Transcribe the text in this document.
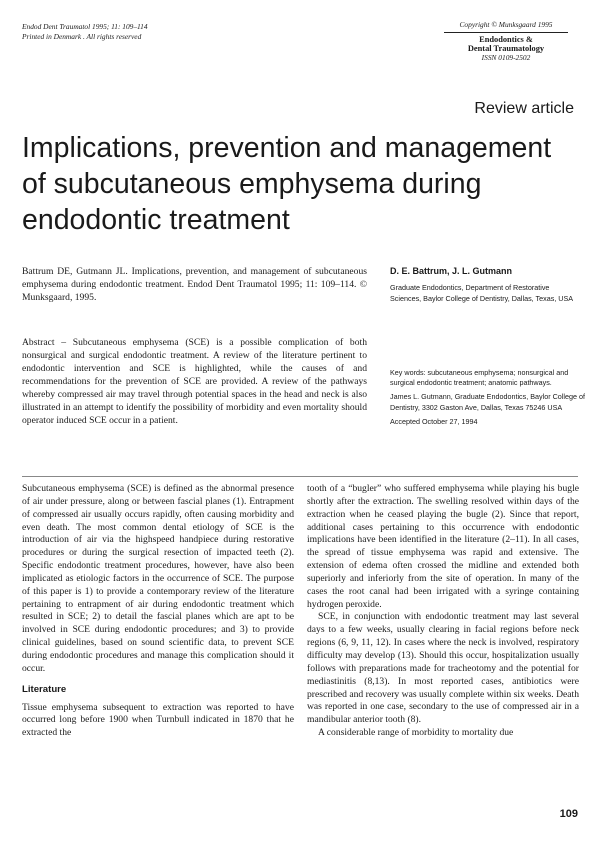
Endod Dent Traumatol 1995; 11: 109–114
Printed in Denmark . All rights reserved
Copyright © Munksgaard 1995
Endodontics &
Dental Traumatology
ISSN 0109-2502
Review article
Implications, prevention and management of subcutaneous emphysema during endodontic treatment
Battrum DE, Gutmann JL. Implications, prevention, and management of subcutaneous emphysema during endodontic treatment. Endod Dent Traumatol 1995; 11: 109–114. © Munksgaard, 1995.
Abstract – Subcutaneous emphysema (SCE) is a possible complication of both nonsurgical and surgical endodontic treatment. A review of the literature pertinent to endodontic intervention and SCE is highlighted, while the causes of and recommendations for the prevention of SCE are provided. A review of the pathways whereby compressed air may travel through potential spaces in the head and neck is also illustrated in an attempt to identify the possibility of morbidity and even mortality should operator induced SCE occur in a patient.
D. E. Battrum, J. L. Gutmann
Graduate Endodontics, Department of Restorative Sciences, Baylor College of Dentistry, Dallas, Texas, USA

Key words: subcutaneous emphysema; nonsurgical and surgical endodontic treatment; anatomic pathways.

James L. Gutmann, Graduate Endodontics, Baylor College of Dentistry, 3302 Gaston Ave, Dallas, Texas 75246 USA

Accepted October 27, 1994

Subcutaneous emphysema (SCE) is defined as the abnormal presence of air under pressure, along or between fascial planes (1). Entrapment of compressed air usually occurs rapidly, often causing morbidity and even death. The most common dental etiology of SCE is the introduction of air via the highspeed handpiece during restorative procedures or during the surgical resection of impacted teeth (2). Specific endodontic treatment procedures, however, have also been implicated as etiologic factors in the occurrence of SCE. The purpose of this paper is 1) to provide a contemporary review of the literature pertaining to entrapment of air during endodontic treatment which resulted in SCE; 2) to detail the fascial planes which are apt to be involved in SCE during endodontic procedures; and 3) to provide clinical guidelines, based on sound scientific data, to prevent SCE during endodontic procedures and manage this complication should it occur.

Literature

Tissue emphysema subsequent to extraction was reported to have occurred long before 1900 when Turnbull indicated in 1870 that he extracted the

tooth of a “bugler” who suffered emphysema while playing his bugle shortly after the extraction. The swelling resolved within days of the extraction when he ceased playing the bugle (2). Since that report, additional cases pertaining to this occurrence with endodontic implications have been identified in the literature (2–11). In all cases, the spread of tissue emphysema was rapid and extensive. The extension of edema often crossed the midline and extended both superiorly and inferiorly from the site of operation. In many of the cases the root canal had been irrigated with a syringe containing hydrogen peroxide.

SCE, in conjunction with endodontic treatment may last several days to a few weeks, usually clearing in facial regions before neck regions (6, 9, 11, 12). In cases where the neck is involved, respiratory difficulty may develop (13). Should this occur, hospitalization usually follows with preparations made for tracheotomy and the potential for mediastinitis (8,13). In most reported cases, antibiotics were prescribed and recovery was usually complete within six weeks. Death was reported in one case, secondary to the use of compressed air in a mandibular anterior tooth (8).

A considerable range of morbidity to mortality due

109
